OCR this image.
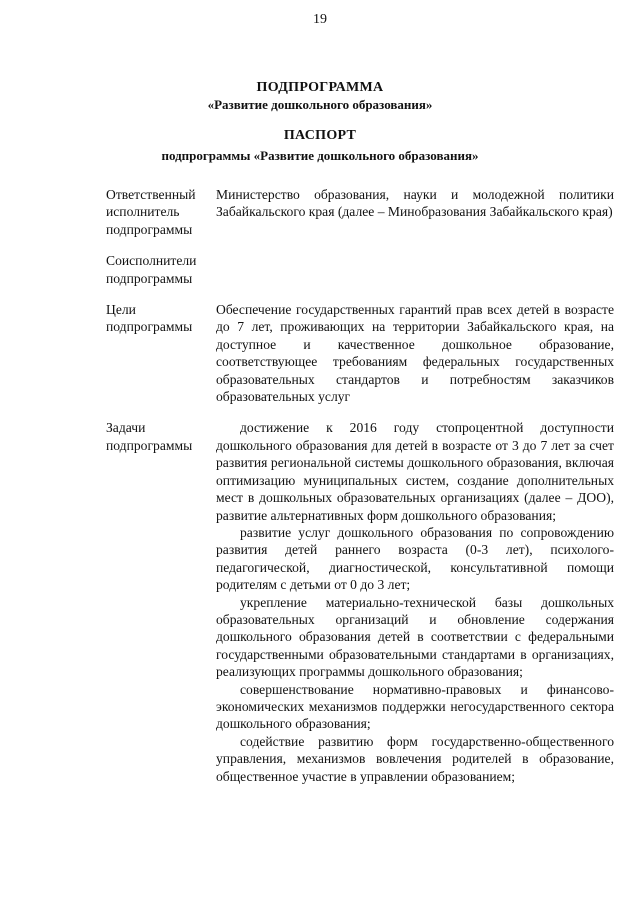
19
ПОДПРОГРАММА
«Развитие дошкольного образования»
ПАСПОРТ
подпрограммы «Развитие дошкольного образования»
Ответственный исполнитель подпрограммы

Министерство образования, науки и молодежной политики Забайкальского края (далее – Минобразования Забайкальского края)

Соисполнители подпрограммы

Цели подпрограммы

Обеспечение государственных гарантий прав всех детей в возрасте до 7 лет, проживающих на территории Забайкальского края, на доступное и качественное дошкольное образование, соответствующее требованиям федеральных государственных образовательных стандартов и потребностям заказчиков образовательных услуг

Задачи подпрограммы

достижение к 2016 году стопроцентной доступности дошкольного образования для детей в возрасте от 3 до 7 лет за счет развития региональной системы дошкольного образования, включая оптимизацию муниципальных систем, создание дополнительных мест в дошкольных образовательных организациях (далее – ДОО), развитие альтернативных форм дошкольного образования;

развитие услуг дошкольного образования по сопровождению развития детей раннего возраста (0-3 лет), психолого-педагогической, диагностической, консультативной помощи родителям с детьми от 0 до 3 лет;

укрепление материально-технической базы дошкольных образовательных организаций и обновление содержания дошкольного образования детей в соответствии с федеральными государственными образовательными стандартами в организациях, реализующих программы дошкольного образования;

совершенствование нормативно-правовых и финансово-экономических механизмов поддержки негосударственного сектора дошкольного образования;

содействие развитию форм государственно-общественного управления, механизмов вовлечения родителей в образование, общественное участие в управлении образованием;
